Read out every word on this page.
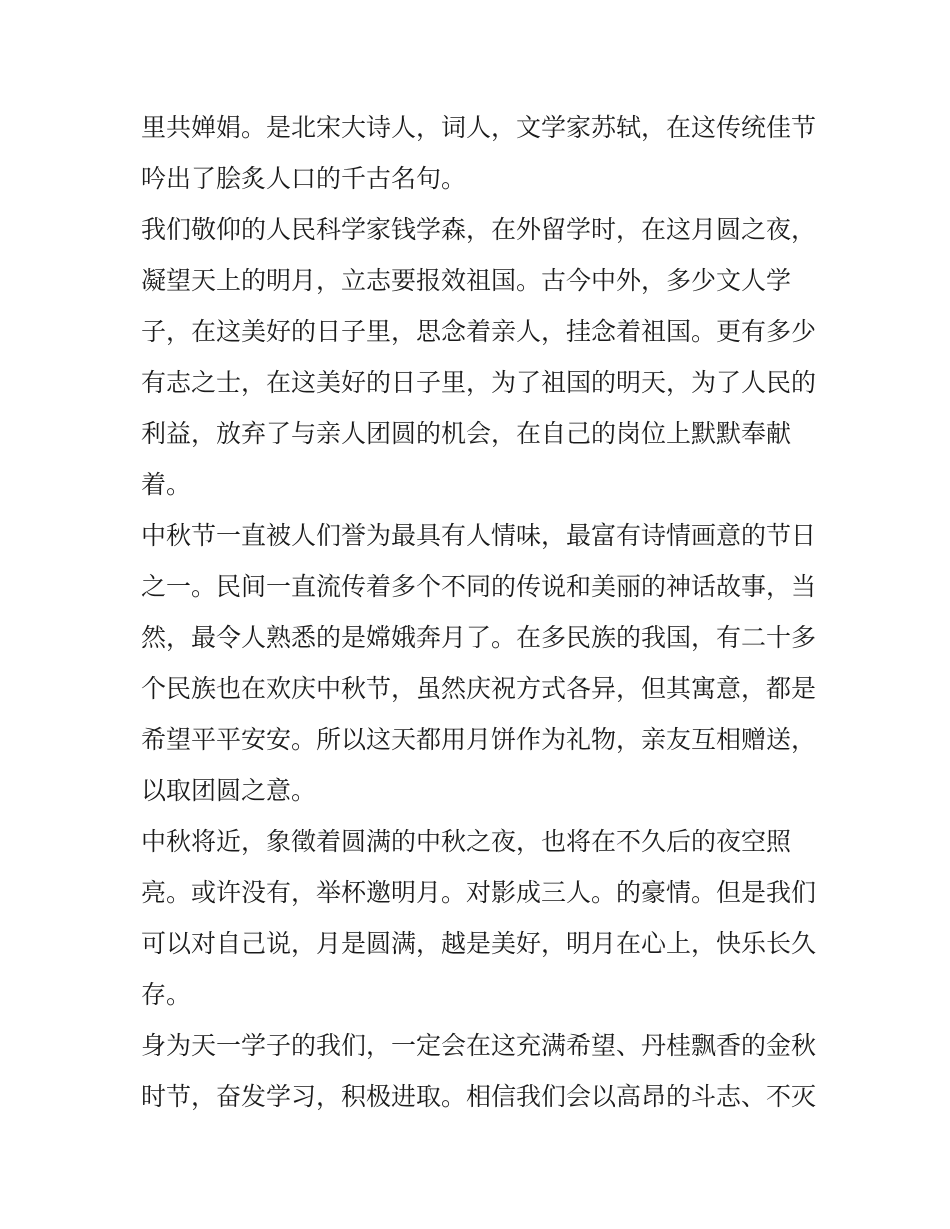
里共婵娟。是北宋大诗人，词人，文学家苏轼，在这传统佳节
吟出了脍炙人口的千古名句。
我们敬仰的人民科学家钱学森，在外留学时，在这月圆之夜，
凝望天上的明月，立志要报效祖国。古今中外，多少文人学
子，在这美好的日子里，思念着亲人，挂念着祖国。更有多少
有志之士，在这美好的日子里，为了祖国的明天，为了人民的
利益，放弃了与亲人团圆的机会，在自己的岗位上默默奉献
着。
中秋节一直被人们誉为最具有人情味，最富有诗情画意的节日
之一。民间一直流传着多个不同的传说和美丽的神话故事，当
然，最令人熟悉的是嫦娥奔月了。在多民族的我国，有二十多
个民族也在欢庆中秋节，虽然庆祝方式各异，但其寓意，都是
希望平平安安。所以这天都用月饼作为礼物，亲友互相赠送，
以取团圆之意。
中秋将近，象徵着圆满的中秋之夜，也将在不久后的夜空照
亮。或许没有，举杯邀明月。对影成三人。的豪情。但是我们
可以对自己说，月是圆满，越是美好，明月在心上，快乐长久
存。
身为天一学子的我们，一定会在这充满希望、丹桂飘香的金秋
时节，奋发学习，积极进取。相信我们会以高昂的斗志、不灭
